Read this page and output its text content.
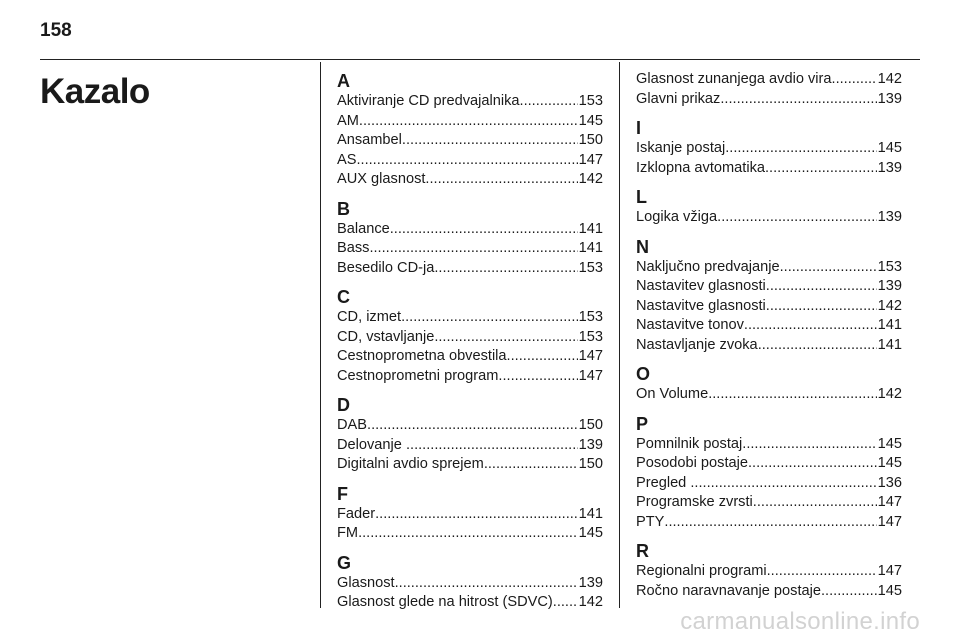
158
Kazalo	A
Aktiviranje CD predvajalnika .....	153
AM .....	145
Ansambel .....	150
AS .....	147
AUX glasnost .....	142
B
Balance .....	141
Bass .....	141
Besedilo CD-ja .....	153
C
CD, izmet .....	153
CD, vstavljanje .....	153
Cestnoprometna obvestila .....	147
Cestnoprometni program .....	147
D
DAB .....	150
Delovanje .....	139
Digitalni avdio sprejem .....	150
F
Fader .....	141
FM .....	145
G
Glasnost .....	139
Glasnost glede na hitrost (SDVC) ..... 142
Glasnost zunanjega avdio vira .....	142
Glavni prikaz .....	139
I
Iskanje postaj .....	145
Izklopna avtomatika .....	139
L
Logika vžiga .....	139
N
Naključno predvajanje .....	153
Nastavitev glasnosti .....	139
Nastavitve glasnosti .....	142
Nastavitve tonov .....	141
Nastavljanje zvoka .....	141
O
On Volume .....	142
P
Pomnilnik postaj .....	145
Posodobi postaje .....	145
Pregled .....	136
Programske zvrsti .....	147
PTY .....	147
R
Regionalni programi .....	147
Ročno naravnavanje postaje .....	145
carmanualsonline.info
